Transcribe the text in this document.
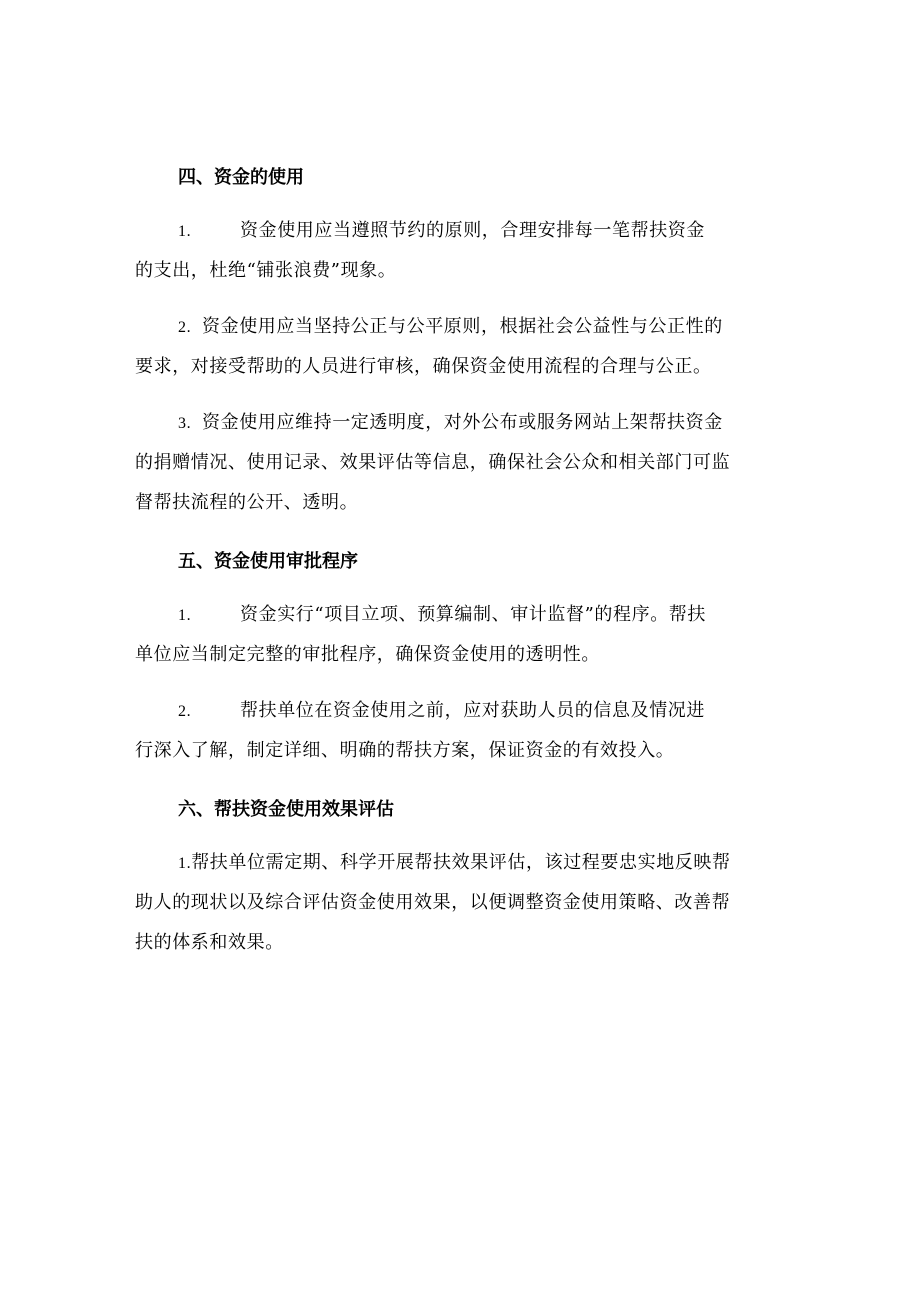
四、资金的使用
1.	资金使用应当遵照节约的原则，合理安排每一笔帮扶资金
的支出，杜绝“铺张浪费”现象。
2. 资金使用应当坚持公正与公平原则，根据社会公益性与公正性的
要求，对接受帮助的人员进行审核，确保资金使用流程的合理与公正。
3. 资金使用应维持一定透明度，对外公布或服务网站上架帮扶资金
的捐赠情况、使用记录、效果评估等信息，确保社会公众和相关部门可监
督帮扶流程的公开、透明。
五、资金使用审批程序
1.	资金实行“项目立项、预算编制、审计监督”的程序。帮扶
单位应当制定完整的审批程序，确保资金使用的透明性。
2.	帮扶单位在资金使用之前，应对获助人员的信息及情况进
行深入了解，制定详细、明确的帮扶方案，保证资金的有效投入。
六、帮扶资金使用效果评估
1.帮扶单位需定期、科学开展帮扶效果评估，该过程要忠实地反映帮
助人的现状以及综合评估资金使用效果，以便调整资金使用策略、改善帮
扶的体系和效果。
